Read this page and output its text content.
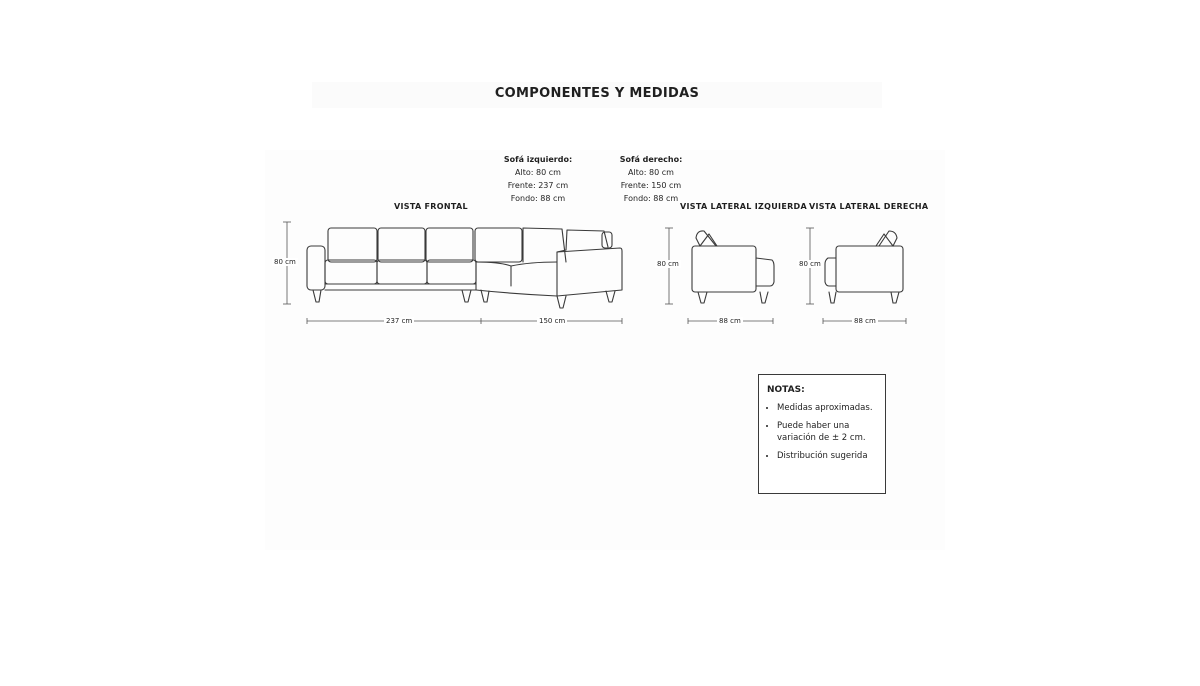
COMPONENTES Y MEDIDAS
Sofá izquierdo:
Alto: 80 cm
Frente: 237 cm
Fondo: 88 cm
Sofá derecho:
Alto: 80 cm
Frente: 150 cm
Fondo: 88 cm
VISTA FRONTAL	VISTA LATERAL IZQUIERDA VISTA LATERAL DERECHA
80 cm
237 cm	150 cm
80 cm
88 cm
80 cm
88 cm
NOTAS:
• Medidas aproximadas.
• Puede haber una variación de ± 2 cm.
• Distribución sugerida
